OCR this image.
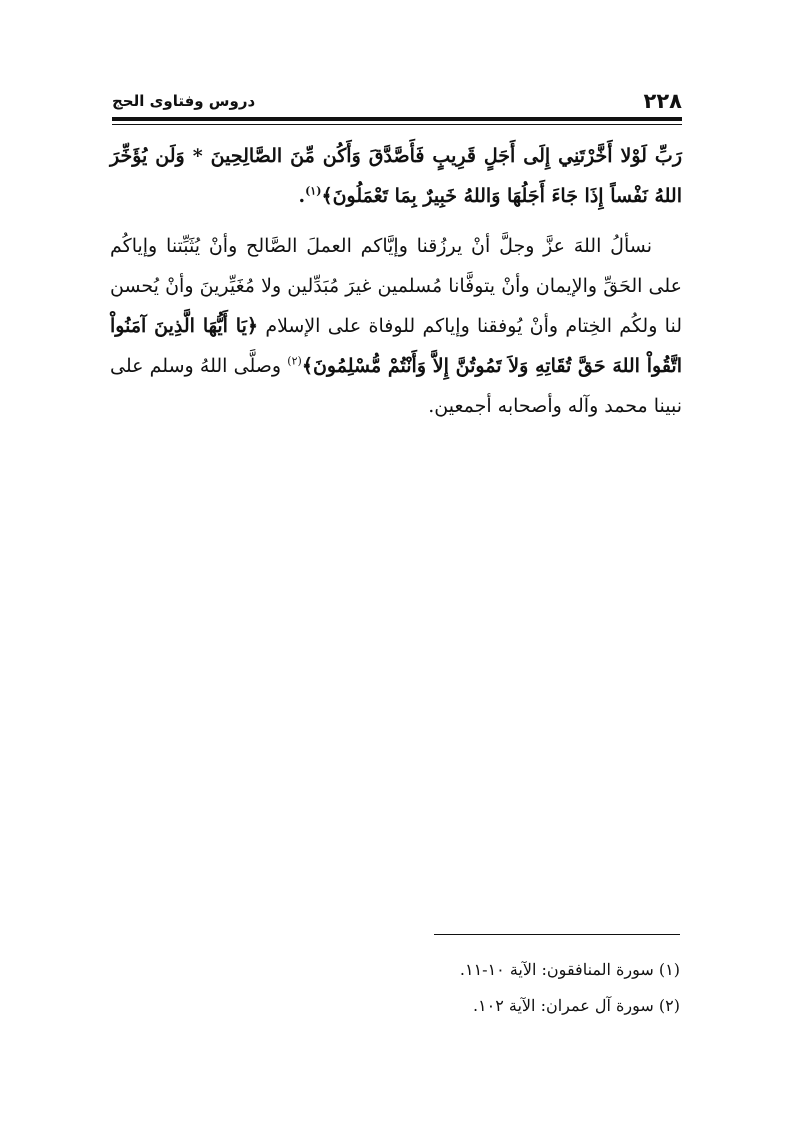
٢٢٨
دروس وفتاوى الحج

رَبِّ لَوْلا أَخَّرْتَنِي إِلَى أَجَلٍ قَرِيبٍ فَأَصَّدَّقَ وَأَكُن مِّنَ الصَّالِحِينَ * وَلَن يُؤَخِّرَ اللهُ نَفْساً إِذَا جَاءَ أَجَلُهَا وَاللهُ خَبِيرٌ بِمَا تَعْمَلُونَ﴾$^{(١)}$.

نسألُ اللهَ عزَّ وجلَّ أنْ يرزُقنا وإيَّاكم العملَ الصَّالح وأنْ يُثَبِّتنا وإياكُم على الحَقِّ والإيمان وأنْ يتوفَّانا مُسلمين غيرَ مُبَدِّلين ولا مُغَيِّرينَ وأنْ يُحسن لنا ولكُم الخِتام وأنْ يُوفقنا وإياكم للوفاة على الإسلام ﴿يَا أَيُّهَا الَّذِينَ آمَنُواْ اتَّقُواْ اللهَ حَقَّ تُقَاتِهِ وَلاَ تَمُوتُنَّ إِلاَّ وَأَنْتُمْ مُّسْلِمُونَ﴾$^{(٢)}$ وصلَّى اللهُ وسلم على نبينا محمد وآله وأصحابه أجمعين.

(١) سورة المنافقون: الآية ١٠-١١.

(٢) سورة آل عمران: الآية ١٠٢.
